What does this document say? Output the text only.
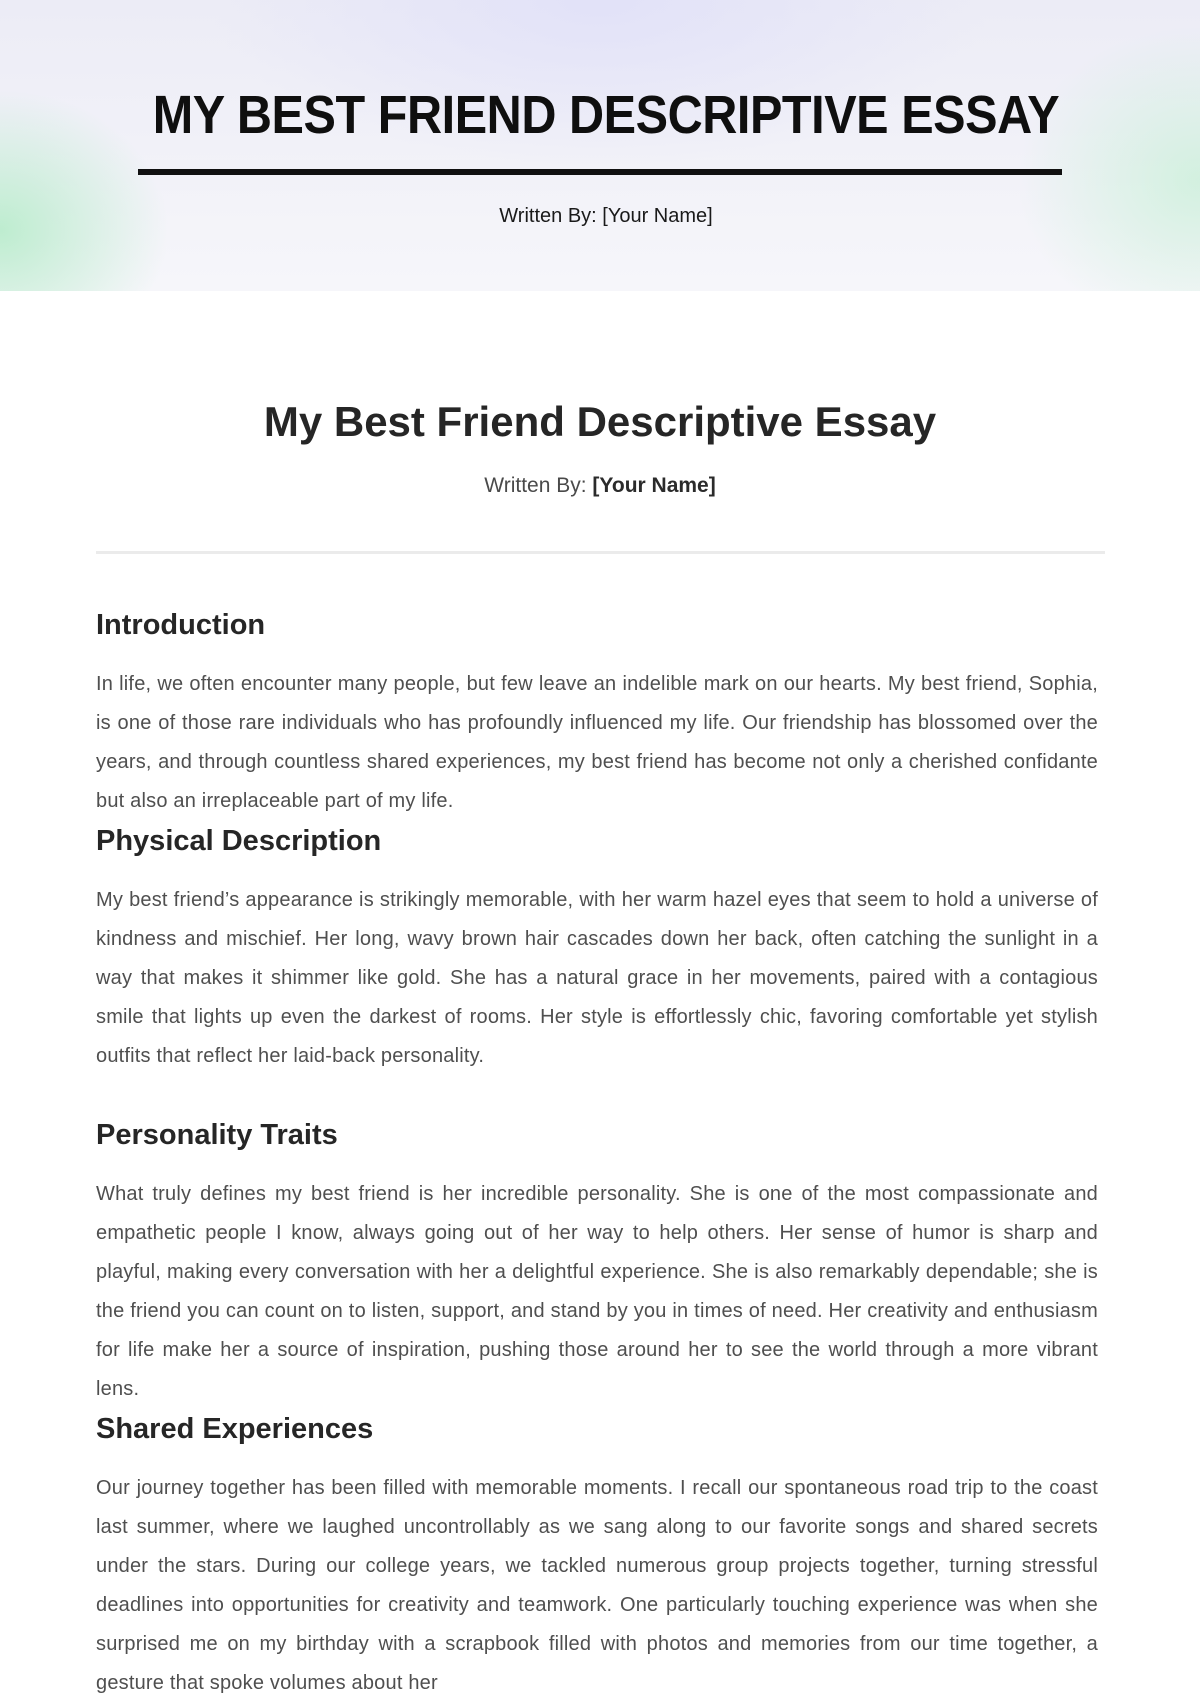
MY BEST FRIEND DESCRIPTIVE ESSAY
Written By: [Your Name]
My Best Friend Descriptive Essay
Written By: [Your Name]
Introduction

In life, we often encounter many people, but few leave an indelible mark on our hearts. My best friend, Sophia, is one of those rare individuals who has profoundly influenced my life. Our friendship has blossomed over the years, and through countless shared experiences, my best friend has become not only a cherished confidante but also an irreplaceable part of my life.

Physical Description

My best friend’s appearance is strikingly memorable, with her warm hazel eyes that seem to hold a universe of kindness and mischief. Her long, wavy brown hair cascades down her back, often catching the sunlight in a way that makes it shimmer like gold. She has a natural grace in her movements, paired with a contagious smile that lights up even the darkest of rooms. Her style is effortlessly chic, favoring comfortable yet stylish outfits that reflect her laid-back personality.

Personality Traits

What truly defines my best friend is her incredible personality. She is one of the most compassionate and empathetic people I know, always going out of her way to help others. Her sense of humor is sharp and playful, making every conversation with her a delightful experience. She is also remarkably dependable; she is the friend you can count on to listen, support, and stand by you in times of need. Her creativity and enthusiasm for life make her a source of inspiration, pushing those around her to see the world through a more vibrant lens.

Shared Experiences

Our journey together has been filled with memorable moments. I recall our spontaneous road trip to the coast last summer, where we laughed uncontrollably as we sang along to our favorite songs and shared secrets under the stars. During our college years, we tackled numerous group projects together, turning stressful deadlines into opportunities for creativity and teamwork. One particularly touching experience was when she surprised me on my birthday with a scrapbook filled with photos and memories from our time together, a gesture that spoke volumes about her
